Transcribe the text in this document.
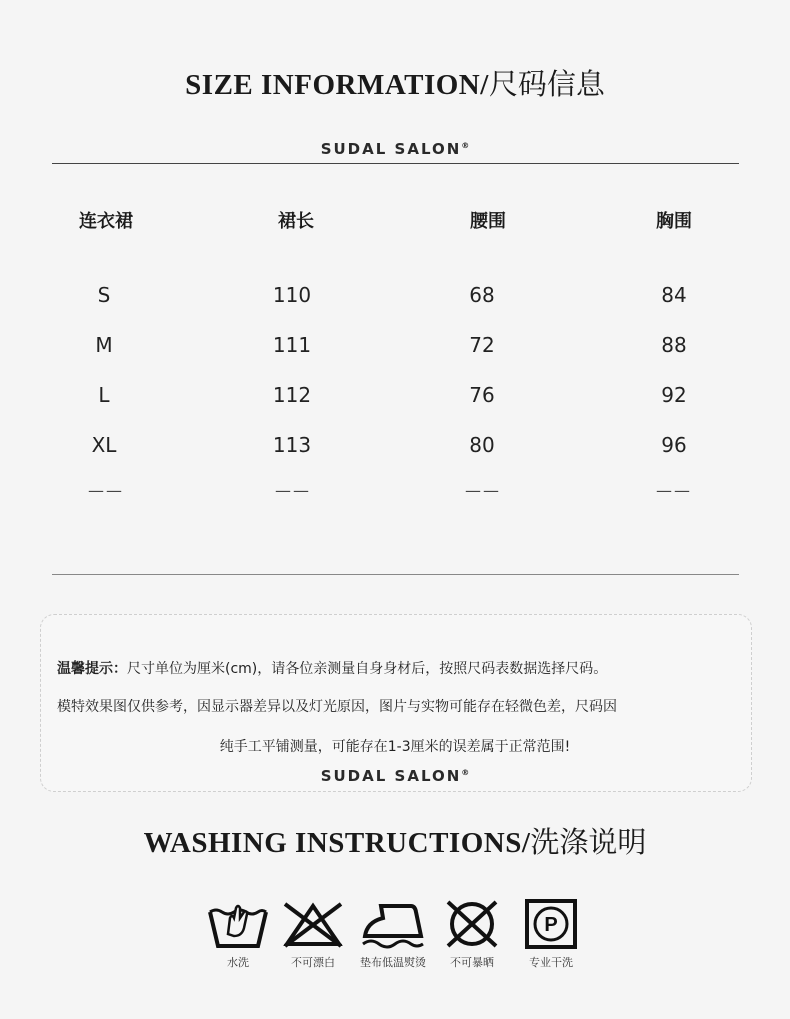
SIZE INFORMATION/尺码信息
SUDAL SALON®
连衣裙	裙长	腰围	胸围
S	110	68	84
M	111	72	88
L	112	76	92
XL	113	80	96
——	——	——	——
温馨提示：尺寸单位为厘米(cm)，请各位亲测量自身身材后，按照尺码表数据选择尺码。
模特效果图仅供参考，因显示器差异以及灯光原因，图片与实物可能存在轻微色差，尺码因
纯手工平铺测量，可能存在1-3厘米的误差属于正常范围!
SUDAL SALON®
WASHING INSTRUCTIONS/洗涤说明
水洗	不可漂白	垫布低温熨烫	不可暴晒
P
专业干洗
